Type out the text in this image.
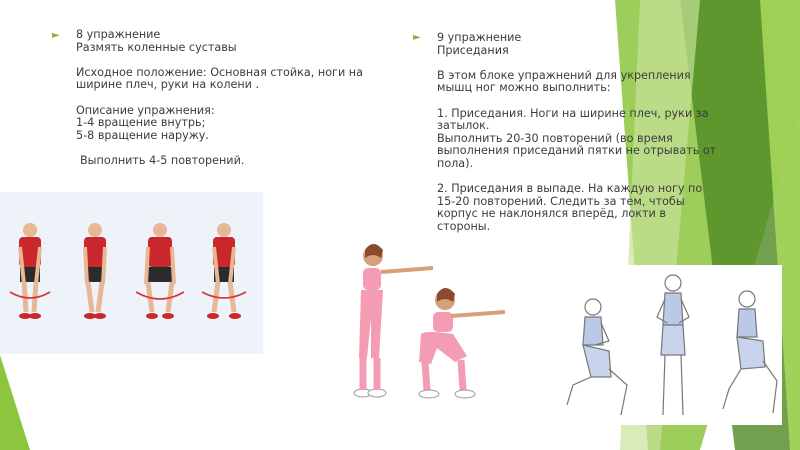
► 8 упражнение

Размять коленные суставы

Исходное положение: Основная стойка, ноги на ширине плеч, руки на колени .

Описание упражнения:

1-4 вращение внутрь;

5-8 вращение наружу.

Выполнить 4-5 повторений.

► 9 упражнение

Приседания

В этом блоке упражнений для укрепления мышц ног можно выполнить:

1. Приседания. Ноги на ширине плеч, руки за затылок.

Выполнить 20-30 повторений (во время выполнения приседаний пятки не отрывать от пола).

2. Приседания в выпаде. На каждую ногу по 15-20 повторений. Следить за тем, чтобы корпус не наклонялся вперёд, локти в стороны.
